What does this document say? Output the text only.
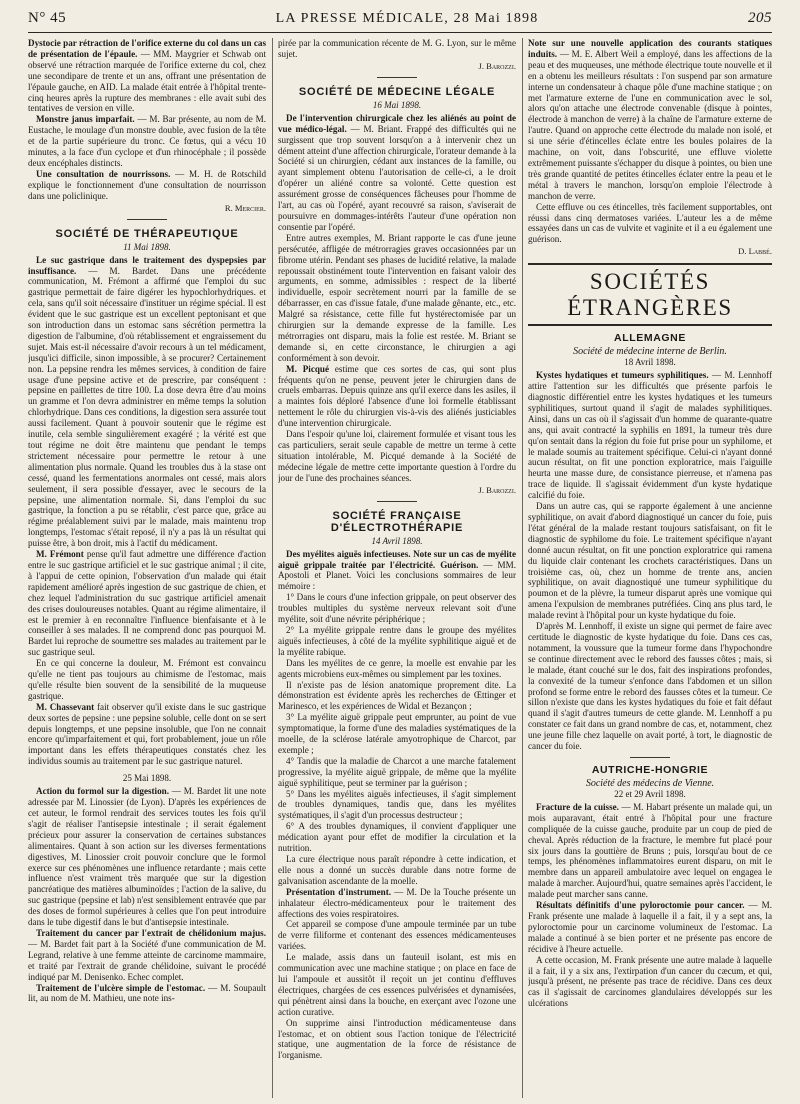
N° 45	LA PRESSE MÉDICALE, 28 Mai 1898	205

Dystocie par rétraction de l'orifice externe du col dans un cas de présentation de l'épaule. — MM. Maygrier et Schwab ont observé une rétraction marquée de l'orifice externe du col, chez une secondipare de trente et un ans, offrant une présentation de l'épaule gauche, en AID. La malade était entrée à l'hôpital trente-cinq heures après la rupture des membranes : elle avait subi des tentatives de version en ville.

Monstre janus imparfait. — M. Bar présente, au nom de M. Eustache, le moulage d'un monstre double, avec fusion de la tête et de la partie supérieure du tronc. Ce fœtus, qui a vécu 10 minutes, a la face d'un cyclope et d'un rhinocéphale ; il possède deux encéphales distincts.

Une consultation de nourrissons. — M. H. de Rotschild explique le fonctionnement d'une consultation de nourrisson dans une policlinique.

R. Mercier.
SOCIÉTÉ DE THÉRAPEUTIQUE
11 Mai 1898.

Le suc gastrique dans le traitement des dyspepsies par insuffisance. — M. Bardet. Dans une précédente communication, M. Frémont a affirmé que l'emploi du suc gastrique permettait de faire digérer les hypochlorhydriques. et cela, sans qu'il soit nécessaire d'instituer un régime spécial. Il est évident que le suc gastrique est un excellent peptonisant et que son introduction dans un estomac sans sécrétion permettra la digestion de l'albumine, d'où rétablissement et engraissement du sujet. Mais est-il nécessaire d'avoir recours à un tel médicament, jusqu'ici difficile, sinon impossible, à se procurer? Certainement non. La pepsine rendra les mêmes services, à condition de faire usage d'une pepsine active et de prescrire, par conséquent : pepsine en paillettes de titre 100. La dose devra être d'au moins un gramme et l'on devra administrer en même temps la solution chlorhydrique. Dans ces conditions, la digestion sera assurée tout aussi facilement. Quant à pouvoir soutenir que le régime est inutile, cela semble singulièrement exagéré ; la vérité est que tout régime ne doit être maintenu que pendant le temps strictement nécessaire pour permettre le retour à une alimentation plus normale. Quand les troubles dus à la stase ont cessé, quand les fermentations anormales ont cessé, mais alors seulement, il sera possible d'essayer, avec le secours de la pepsine, une alimentation normale. Si, dans l'emploi du suc gastrique, la fonction a pu se rétablir, c'est parce que, grâce au régime préalablement suivi par le malade, mais maintenu trop longtemps, l'estomac s'était reposé, il n'y a pas là un résultat qui puisse être, à bon droit, mis à l'actif du médicament.

M. Frémont pense qu'il faut admettre une différence d'action entre le suc gastrique artificiel et le suc gastrique animal ; il cite, à l'appui de cette opinion, l'observation d'un malade qui était rapidement amélioré après ingestion de suc gastrique de chien, et chez lequel l'administration du suc gastrique artificiel amenait des crises douloureuses notables. Quant au régime alimentaire, il est le premier à en reconnaître l'influence bienfaisante et à le conseiller à ses malades. Il ne comprend donc pas pourquoi M. Bardet lui reproche de soumettre ses malades au traitement par le suc gastrique seul.

En ce qui concerne la douleur, M. Frémont est convaincu qu'elle ne tient pas toujours au chimisme de l'estomac, mais qu'elle résulte bien souvent de la sensibilité de la muqueuse gastrique.

M. Chassevant fait observer qu'il existe dans le suc gastrique deux sortes de pepsine : une pepsine soluble, celle dont on se sert depuis longtemps, et une pepsine insoluble, que l'on ne connait encore qu'imparfaitement et qui, fort probablement, joue un rôle important dans les effets thérapeutiques constatés chez les individus soumis au traitement par le suc gastrique naturel.

25 Mai 1898.

Action du formol sur la digestion. — M. Bardet lit une note adressée par M. Linossier (de Lyon). D'après les expériences de cet auteur, le formol rendrait des services toutes les fois qu'il s'agit de réaliser l'antisepsie intestinale ; il serait également précieux pour assurer la conservation de certaines substances alimentaires. Quant à son action sur les diverses fermentations digestives, M. Linossier croit pouvoir conclure que le formol exerce sur ces phénomènes une influence retardante ; mais cette influence n'est vraiment très marquée que sur la digestion pancréatique des matières albuminoïdes ; l'action de la salive, du suc gastrique (pepsine et lab) n'est sensiblement entravée que par des doses de formol supérieures à celles que l'on peut introduire dans le tube digestif dans le but d'antisepsie intestinale.

Traitement du cancer par l'extrait de chélidonium majus. — M. Bardet fait part à la Société d'une communication de M. Legrand, relative à une femme atteinte de carcinome mammaire, et traité par l'extrait de grande chélidoine, suivant le procédé indiqué par M. Denisenko. Echec complet.

Traitement de l'ulcère simple de l'estomac. — M. Soupault lit, au nom de M. Mathieu, une note ins-

pirée par la communication récente de M. G. Lyon, sur le même sujet.

J. Barozzi.
SOCIÉTÉ DE MÉDECINE LÉGALE
16 Mai 1898.

De l'intervention chirurgicale chez les aliénés au point de vue médico-légal. — M. Briant. Frappé des difficultés qui ne surgissent que trop souvent lorsqu'on a à intervenir chez un dément atteint d'une affection chirurgicale, l'orateur demande à la Société si un chirurgien, cédant aux instances de la famille, ou ayant simplement obtenu l'autorisation de celle-ci, a le droit d'opérer un aliéné contre sa volonté. Cette question est assurément grosse de conséquences fâcheuses pour l'homme de l'art, au cas où l'opéré, ayant recouvré sa raison, s'aviserait de poursuivre en dommages-intérêts l'auteur d'une opération non consentie par l'opéré.

Entre autres exemples, M. Briant rapporte le cas d'une jeune persécutée, affligée de métrorragies graves occasionnées par un fibrome utérin. Pendant ses phases de lucidité relative, la malade repoussait obstinément toute l'intervention en faisant valoir des arguments, en somme, admissibles : respect de la liberté individuelle, espoir secrètement nourri par la famille de se débarrasser, en cas d'issue fatale, d'une malade gênante, etc., etc. Malgré sa résistance, cette fille fut hystérectomisée par un chirurgien sur la demande expresse de la famille. Les métrorragies ont disparu, mais la folie est restée. M. Briant se demande si, en cette circonstance, le chirurgien a agi conformément à son devoir.

M. Picqué estime que ces sortes de cas, qui sont plus fréquents qu'on ne pense, peuvent jeter le chirurgien dans de cruels embarras. Depuis quinze ans qu'il exerce dans les asiles, il a maintes fois déploré l'absence d'une loi formelle établissant nettement le rôle du chirurgien vis-à-vis des aliénés justiciables d'une intervention chirurgicale.

Dans l'espoir qu'une loi, clairement formulée et visant tous les cas particuliers, serait seule capable de mettre un terme à cette situation intolérable, M. Picqué demande à la Société de médecine légale de mettre cette importante question à l'ordre du jour de l'une des prochaines séances.

J. Barozzi.
SOCIÉTÉ FRANÇAISE D'ÉLECTROTHÉRAPIE
14 Avril 1898.

Des myélites aiguës infectieuses. Note sur un cas de myélite aiguë grippale traitée par l'électricité. Guérison. — MM. Apostoli et Planet. Voici les conclusions sommaires de leur mémoire :

1° Dans le cours d'une infection grippale, on peut observer des troubles multiples du système nerveux relevant soit d'une myélite, soit d'une névrite périphérique ;

2° La myélite grippale rentre dans le groupe des myélites aiguës infectieuses, à côté de la myélite syphilitique aiguë et de la myélite rabique.

Dans les myélites de ce genre, la moelle est envahie par les agents microbiens eux-mêmes ou simplement par les toxines.

Il n'existe pas de lésion anatomique proprement dite. La démonstration est évidente après les recherches de Œttinger et Marinesco, et les expériences de Widal et Bezançon ;

3° La myélite aiguë grippale peut emprunter, au point de vue symptomatique, la forme d'une des maladies systématiques de la moelle, de la sclérose latérale amyotrophique de Charcot, par exemple ;

4° Tandis que la maladie de Charcot a une marche fatalement progressive, la myélite aiguë grippale, de même que la myélite aiguë syphilitique, peut se terminer par la guérison ;

5° Dans les myélites aiguës infectieuses, il s'agit simplement de troubles dynamiques, tandis que, dans les myélites systématiques, il s'agit d'un processus destructeur ;

6° A des troubles dynamiques, il convient d'appliquer une médication ayant pour effet de modifier la circulation et la nutrition.

La cure électrique nous paraît répondre à cette indication, et elle nous a donné un succès durable dans notre forme de galvanisation ascendante de la moelle.

Présentation d'instrument. — M. De la Touche présente un inhalateur électro-médicamenteux pour le traitement des affections des voies respiratoires.

Cet appareil se compose d'une ampoule terminée par un tube de verre filiforme et contenant des essences médicamenteuses variées.

Le malade, assis dans un fauteuil isolant, est mis en communication avec une machine statique ; on place en face de lui l'ampoule et aussitôt il reçoit un jet continu d'effluves électriques, chargées de ces essences pulvérisées et dynamisées, qui pénètrent ainsi dans la bouche, en exerçant avec l'ozone une action curative.

On supprime ainsi l'introduction médicamenteuse dans l'estomac, et on obtient sous l'action tonique de l'électricité statique, une augmentation de la force de résistance de l'organisme.

Note sur une nouvelle application des courants statiques induits. — M. E. Albert Weil a employé, dans les affections de la peau et des muqueuses, une méthode électrique toute nouvelle et il en a obtenu les meilleurs résultats : l'on suspend par son armature interne un condensateur à chaque pôle d'une machine statique ; on met l'armature externe de l'une en communication avec le sol, alors qu'on attache une électrode convenable (disque à pointes, électrode à manchon de verre) à la chaîne de l'armature externe de l'autre. Quand on approche cette électrode du malade non isolé, et si une série d'étincelles éclate entre les boules polaires de la machine, on voit, dans l'obscurité, une effluve violette extrêmement puissante s'échapper du disque à pointes, ou bien une très grande quantité de petites étincelles éclater entre la peau et le métal à travers le manchon, lorsqu'on emploie l'électrode à manchon de verre.

Cette effluve ou ces étincelles, très facilement supportables, ont réussi dans cinq dermatoses variées. L'auteur les a de même essayées dans un cas de vulvite et vaginite et il a eu également une guérison.

D. Labbé.
SOCIÉTÉS ÉTRANGÈRES
ALLEMAGNE
Société de médecine interne de Berlin.
18 Avril 1898.

Kystes hydatiques et tumeurs syphilitiques. — M. Lennhoff attire l'attention sur les difficultés que présente parfois le diagnostic différentiel entre les kystes hydatiques et les tumeurs syphilitiques, surtout quand il s'agit de malades syphilitiques. Ainsi, dans un cas où il s'agissait d'un homme de quarante-quatre ans, qui avait contracté la syphilis en 1891, la tumeur très dure qu'on sentait dans la région du foie fut prise pour un syphilome, et le malade soumis au traitement spécifique. Celui-ci n'ayant donné aucun résultat, on fit une ponction exploratrice, mais l'aiguille heurta une masse dure, de consistance pierreuse, et n'amena pas trace de liquide. Il s'agissait évidemment d'un kyste hydatique calcifié du foie.

Dans un autre cas, qui se rapporte également à une ancienne syphilitique, on avait d'abord diagnostiqué un cancer du foie, puis l'état général de la malade restant toujours satisfaisant, on fit le diagnostic de syphilome du foie. Le traitement spécifique n'ayant donné aucun résultat, on fit une ponction exploratrice qui ramena du liquide clair contenant les crochets caractéristiques. Dans un troisième cas, où, chez un homme de trente ans, ancien syphilitique, on avait diagnostiqué une tumeur syphilitique du poumon et de la plèvre, la tumeur disparut après une vomique qui amena l'expulsion de membranes putréfiées. Cinq ans plus tard, le malade revint à l'hôpital pour un kyste hydatique du foie.

D'après M. Lennhoff, il existe un signe qui permet de faire avec certitude le diagnostic de kyste hydatique du foie. Dans ces cas, notamment, la voussure que la tumeur forme dans l'hypochondre se continue directement avec le rebord des fausses côtes ; mais, si le malade, étant couché sur le dos, fait des inspirations profondes, la convexité de la tumeur s'enfonce dans l'abdomen et un sillon profond se forme entre le rebord des fausses côtes et la tumeur. Ce sillon n'existe que dans les kystes hydatiques du foie et fait défaut quand il s'agit d'autres tumeurs de cette glande. M. Lennhoff a pu constater ce fait dans un grand nombre de cas, et, notamment, chez une jeune fille chez laquelle on avait porté, à tort, le diagnostic de cancer du foie.

AUTRICHE-HONGRIE
Société des médecins de Vienne.
22 et 29 Avril 1898.

Fracture de la cuisse. — M. Habart présente un malade qui, un mois auparavant, était entré à l'hôpital pour une fracture compliquée de la cuisse gauche, produite par un coup de pied de cheval. Après réduction de la fracture, le membre fut placé pour six jours dans la gouttière de Bruns ; puis, lorsqu'au bout de ce temps, les phénomènes inflammatoires eurent disparu, on mit le membre dans un appareil ambulatoire avec lequel on engagea le malade à marcher. Aujourd'hui, quatre semaines après l'accident, le malade peut marcher sans canne.

Résultats définitifs d'une pyloroctomie pour cancer. — M. Frank présente une malade à laquelle il a fait, il y a sept ans, la pyloroctomie pour un carcinome volumineux de l'estomac. La malade a continué à se bien porter et ne présente pas encore de récidive à l'heure actuelle.

A cette occasion, M. Frank présente une autre malade à laquelle il a fait, il y a six ans, l'extirpation d'un cancer du cæcum, et qui, jusqu'à présent, ne présente pas trace de récidive. Dans ces deux cas il s'agissait de carcinomes glandulaires développés sur les ulcérations
